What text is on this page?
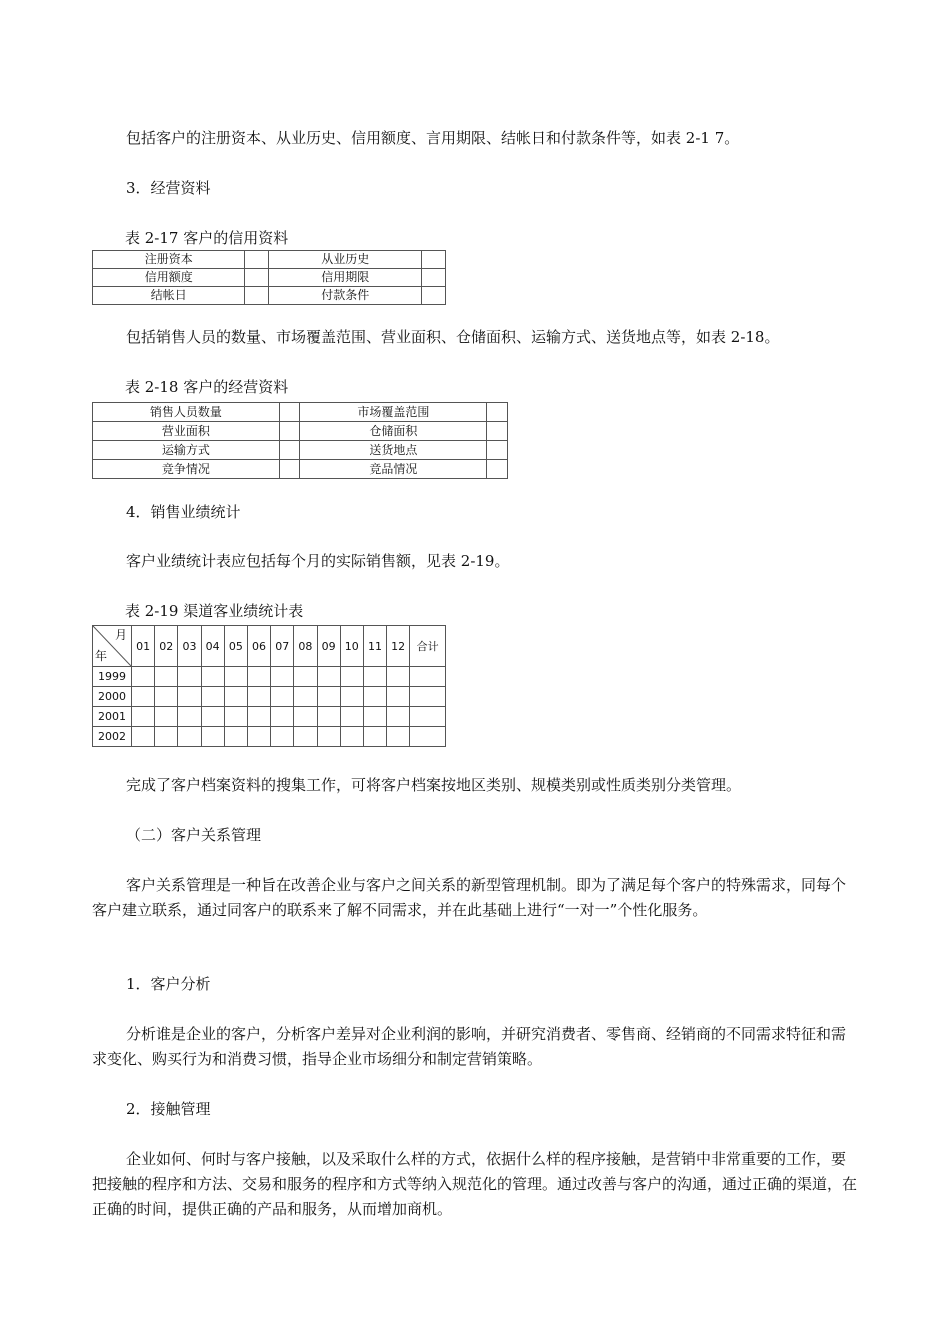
包括客户的注册资本、从业历史、信用额度、言用期限、结帐日和付款条件等，如表 2-1 7。

3．经营资料

表 2-17 客户的信用资料
注册资本		从业历史	
信用额度		信用期限	
结帐日		付款条件	

包括销售人员的数量、市场覆盖范围、营业面积、仓储面积、运输方式、送货地点等，如表 2-18。

表 2-18 客户的经营资料
销售人员数量		市场覆盖范围	
营业面积		仓储面积	
运输方式		送货地点	
竞争情况		竞品情况	

4．销售业绩统计

客户业绩统计表应包括每个月的实际销售额，见表 2-19。

表 2-19 渠道客业绩统计表
月
年	01	02	03	04	05	06	07	08	09	10	11	12	合计
1999													
2000													
2001													
2002													

完成了客户档案资料的搜集工作，可将客户档案按地区类别、规模类别或性质类别分类管理。

（二）客户关系管理

客户关系管理是一种旨在改善企业与客户之间关系的新型管理机制。即为了满足每个客户的特殊需求，同每个客户建立联系，通过同客户的联系来了解不同需求，并在此基础上进行“一对一”个性化服务。

1．客户分析

分析谁是企业的客户，分析客户差异对企业利润的影响，并研究消费者、零售商、经销商的不同需求特征和需求变化、购买行为和消费习惯，指导企业市场细分和制定营销策略。

2．接触管理

企业如何、何时与客户接触，以及采取什么样的方式，依据什么样的程序接触，是营销中非常重要的工作，要把接触的程序和方法、交易和服务的程序和方式等纳入规范化的管理。通过改善与客户的沟通，通过正确的渠道，在正确的时间，提供正确的产品和服务，从而增加商机。
